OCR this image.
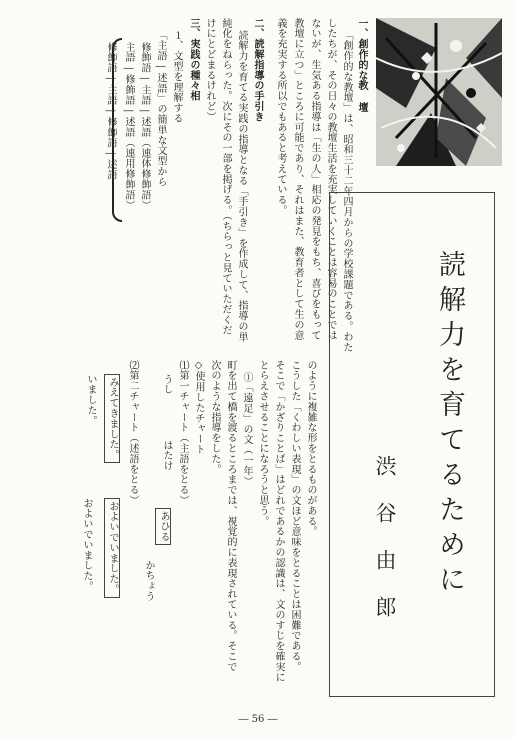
一、創作的な教 壇
「創作的な教壇」は、昭和三十二年四月からの学校課題である。わた
したちが、その日々の教壇生活を充実していくことは容易のことでは
ないが、生気ある指導は「生の人」相応の発見をもち、喜びをもって
教壇に立つ」ところに可能であり、それはまた、教育者として生の意
義を充実する所以でもあると考えている。
二、読解指導の手引き
読解力を育てる実践の指導となる「手引き」を作成して、指導の単
純化をねらった。次にその一部を掲げる。（ちらっと見ていただくだ
けにとどまるけれど）
三、実践の種々相
１、文型を理解する
「主語―述語」の簡単な文型から
修飾語―主語―述語（連体修飾語）
主語―修飾語―述語（連用修飾語）
修飾語―主語―修飾語―述語
読解力を育てるために
渋谷由郎
のように複雑な形をとるものがある。
こうした「くわしい表現」の文ほど意味をとることは困難である。
そこで「かざりことば」はどれであるかの認識は、文のすじを確実に
とらえさせることになろうと思う。
①「遠足」の文（一年）
町を出て橋を渡るところまでは、視覚的に表現されている。そこで
次のような指導をした。
◇使用したチャート
⑴第一チャート（主語をとる）
うし
はたけ
あひる
かちょう
⑵第二チャート（述語をとる）
みえてきました。
およいでいました。
いました。
およいでいました。
― 56 ―
